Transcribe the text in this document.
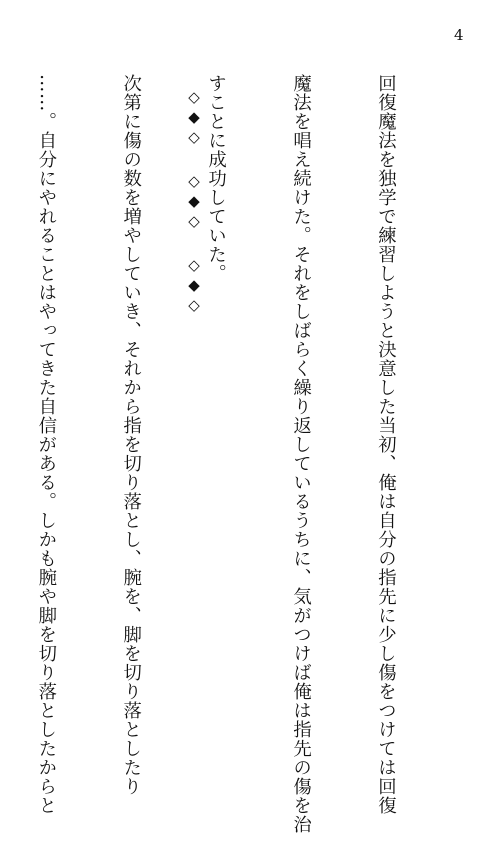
4

回復魔法を独学で練習しようと決意した当初、俺は自分の指先に少し傷をつけては回復

魔法を唱え続けた。それをしばらく繰り返しているうちに、気がつけば俺は指先の傷を治

すことに成功していた。

次第に傷の数を増やしていき、それから指を切り落とし、腕を、脚を切り落としたり

……。自分にやれることはやってきた自信がある。しかも腕や脚を切り落としたからと

	◇◆◇
◇◆◇
◇◆◇
